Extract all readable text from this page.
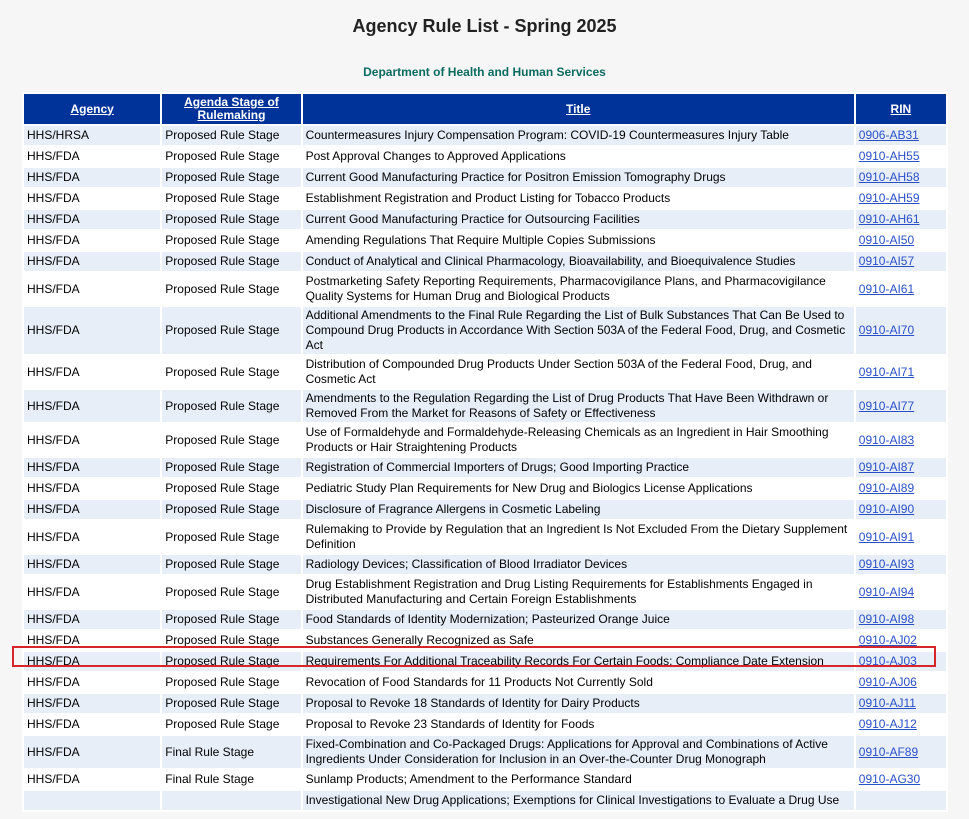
Agency Rule List - Spring 2025
Department of Health and Human Services
Agency	Agenda Stage of Rulemaking	Title	RIN
HHS/HRSA	Proposed Rule Stage	Countermeasures Injury Compensation Program: COVID-19 Countermeasures Injury Table	0906-AB31
HHS/FDA	Proposed Rule Stage	Post Approval Changes to Approved Applications	0910-AH55
HHS/FDA	Proposed Rule Stage	Current Good Manufacturing Practice for Positron Emission Tomography Drugs	0910-AH58
HHS/FDA	Proposed Rule Stage	Establishment Registration and Product Listing for Tobacco Products	0910-AH59
HHS/FDA	Proposed Rule Stage	Current Good Manufacturing Practice for Outsourcing Facilities	0910-AH61
HHS/FDA	Proposed Rule Stage	Amending Regulations That Require Multiple Copies Submissions	0910-AI50
HHS/FDA	Proposed Rule Stage	Conduct of Analytical and Clinical Pharmacology, Bioavailability, and Bioequivalence Studies	0910-AI57
HHS/FDA	Proposed Rule Stage	Postmarketing Safety Reporting Requirements, Pharmacovigilance Plans, and Pharmacovigilance Quality Systems for Human Drug and Biological Products	0910-AI61
HHS/FDA	Proposed Rule Stage	Additional Amendments to the Final Rule Regarding the List of Bulk Substances That Can Be Used to Compound Drug Products in Accordance With Section 503A of the Federal Food, Drug, and Cosmetic Act	0910-AI70
HHS/FDA	Proposed Rule Stage	Distribution of Compounded Drug Products Under Section 503A of the Federal Food, Drug, and Cosmetic Act	0910-AI71
HHS/FDA	Proposed Rule Stage	Amendments to the Regulation Regarding the List of Drug Products That Have Been Withdrawn or Removed From the Market for Reasons of Safety or Effectiveness	0910-AI77
HHS/FDA	Proposed Rule Stage	Use of Formaldehyde and Formaldehyde-Releasing Chemicals as an Ingredient in Hair Smoothing Products or Hair Straightening Products	0910-AI83
HHS/FDA	Proposed Rule Stage	Registration of Commercial Importers of Drugs; Good Importing Practice	0910-AI87
HHS/FDA	Proposed Rule Stage	Pediatric Study Plan Requirements for New Drug and Biologics License Applications	0910-AI89
HHS/FDA	Proposed Rule Stage	Disclosure of Fragrance Allergens in Cosmetic Labeling	0910-AI90
HHS/FDA	Proposed Rule Stage	Rulemaking to Provide by Regulation that an Ingredient Is Not Excluded From the Dietary Supplement Definition	0910-AI91
HHS/FDA	Proposed Rule Stage	Radiology Devices; Classification of Blood Irradiator Devices	0910-AI93
HHS/FDA	Proposed Rule Stage	Drug Establishment Registration and Drug Listing Requirements for Establishments Engaged in Distributed Manufacturing and Certain Foreign Establishments	0910-AI94
HHS/FDA	Proposed Rule Stage	Food Standards of Identity Modernization; Pasteurized Orange Juice	0910-AI98
HHS/FDA	Proposed Rule Stage	Substances Generally Recognized as Safe	0910-AJ02
HHS/FDA	Proposed Rule Stage	Requirements For Additional Traceability Records For Certain Foods: Compliance Date Extension	0910-AJ03
HHS/FDA	Proposed Rule Stage	Revocation of Food Standards for 11 Products Not Currently Sold	0910-AJ06
HHS/FDA	Proposed Rule Stage	Proposal to Revoke 18 Standards of Identity for Dairy Products	0910-AJ11
HHS/FDA	Proposed Rule Stage	Proposal to Revoke 23 Standards of Identity for Foods	0910-AJ12
HHS/FDA	Final Rule Stage	Fixed-Combination and Co-Packaged Drugs: Applications for Approval and Combinations of Active Ingredients Under Consideration for Inclusion in an Over-the-Counter Drug Monograph	0910-AF89
HHS/FDA	Final Rule Stage	Sunlamp Products; Amendment to the Performance Standard	0910-AG30
		Investigational New Drug Applications; Exemptions for Clinical Investigations to Evaluate a Drug Use	
